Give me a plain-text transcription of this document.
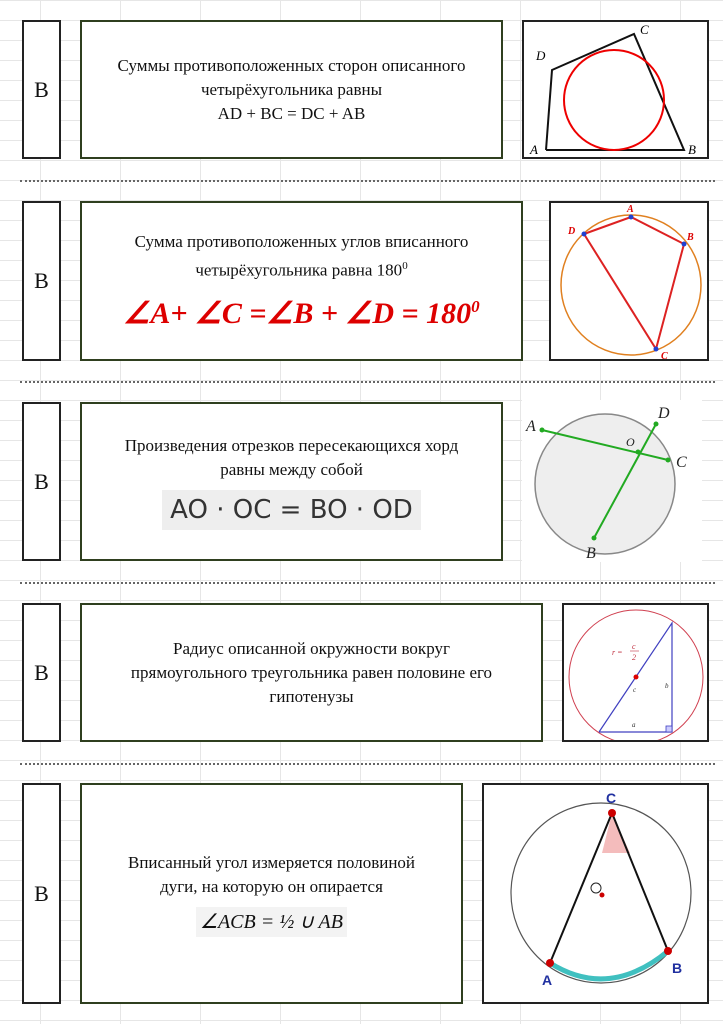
В
Суммы противоположенных сторон описанного
четырёхугольника равны
AD + BC = DC + AB
A	B
C
D
В
Сумма противоположенных углов вписанного
четырёхугольника равна $180^0$
∠A+ ∠C =∠B + ∠D = $180^0$
D
A
B
C
В
Произведения отрезков пересекающихся хорд
равны между собой
AO · OC = BO · OD
A
B
C
D
O
В
Радиус описанной окружности вокруг
прямоугольного треугольника равен половине его
гипотенузы
r =
c
2
a
b
c
В
Вписанный угол измеряется половиной
дуги, на которую он опирается
∠ACB = ½ ∪ AB
A
B
C
